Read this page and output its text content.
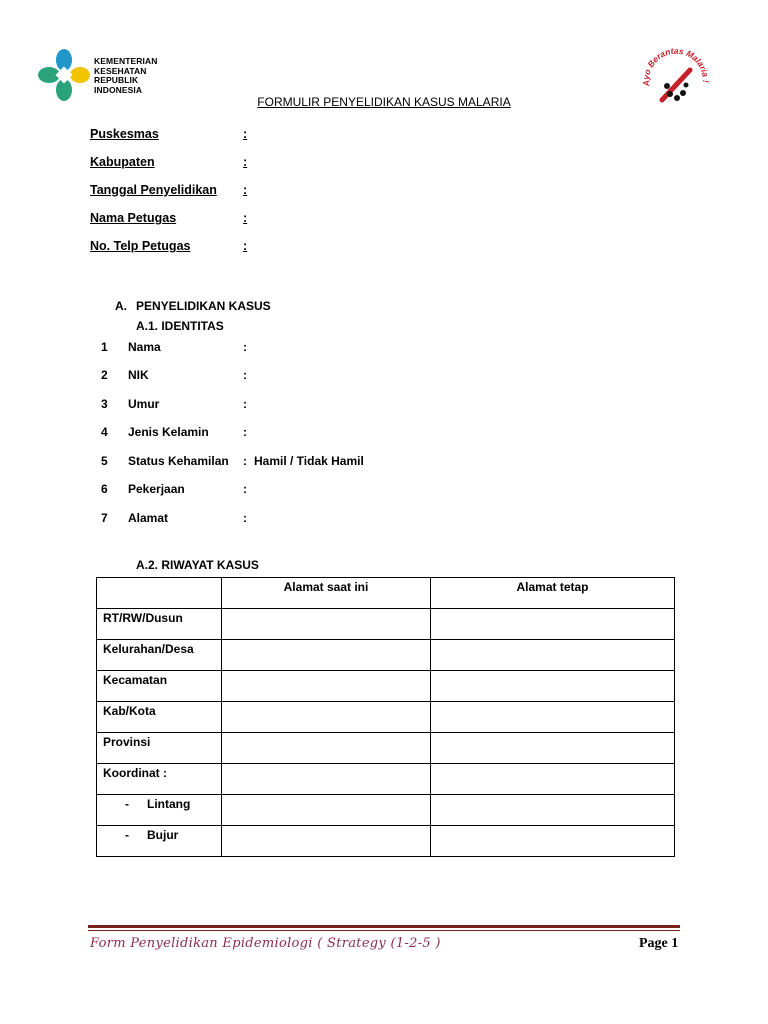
KEMENTERIAN
KESEHATAN
REPUBLIK
INDONESIA
Ayo Berantas Malaria !
FORMULIR PENYELIDIKAN KASUS MALARIA
Puskesmas	:
Kabupaten	:
Tanggal Penyelidikan :
Nama Petugas	:
No. Telp Petugas	:
A. PENYELIDIKAN KASUS
A.1. IDENTITAS
1 Nama	:
2 NIK	:
3 Umur	:
4 Jenis Kelamin	:
5 Status Kehamilan : Hamil / Tidak Hamil
6 Pekerjaan	:
7 Alamat	:
A.2. RIWAYAT KASUS
	Alamat saat ini	Alamat tetap
RT/RW/Dusun		
Kelurahan/Desa		
Kecamatan		
Kab/Kota		
Provinsi		
Koordinat :		
- Lintang		
- Bujur		
Form Penyelidikan Epidemiologi ( Strategy (1-2-5 )	Page 1
